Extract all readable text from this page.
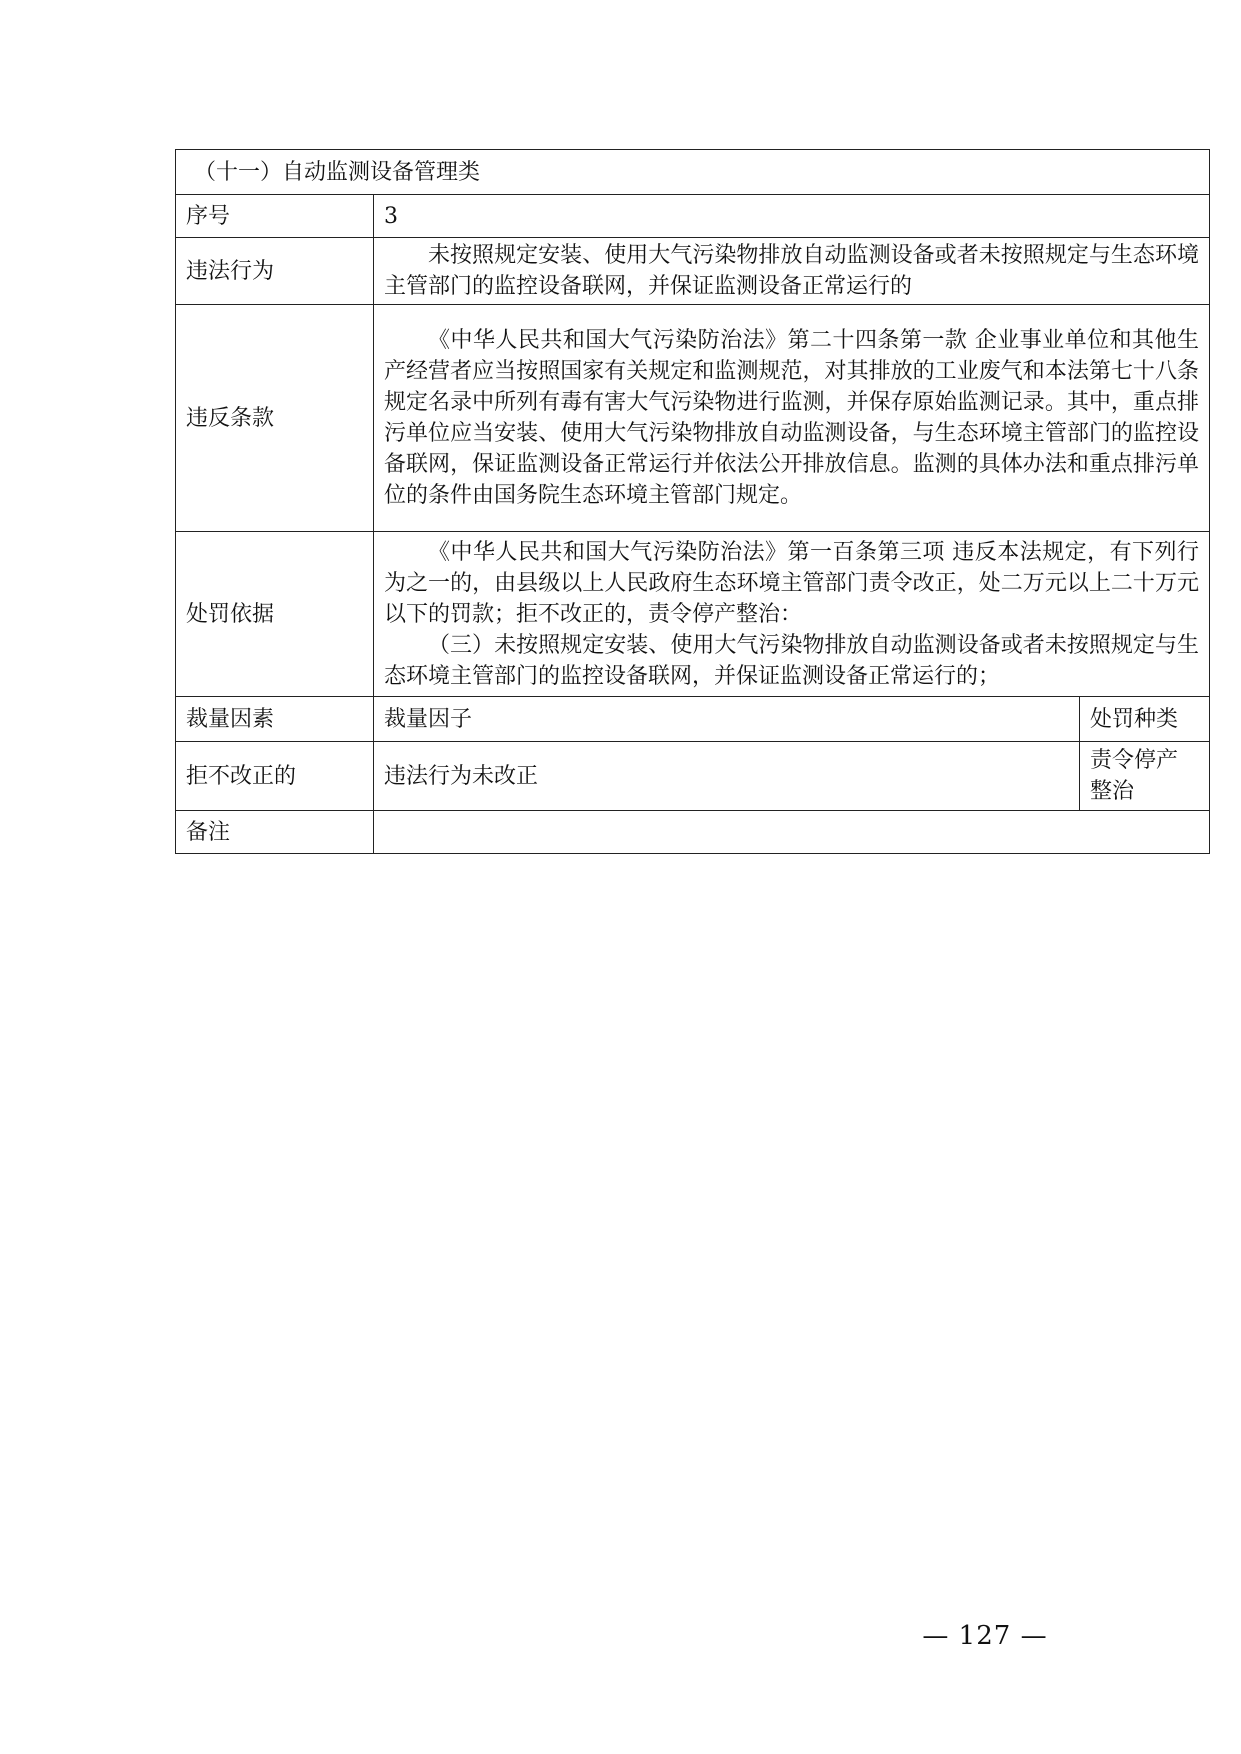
（十一）自动监测设备管理类		
序号	3	
违法行为	未按照规定安装、使用大气污染物排放自动监测设备或者未按照规定与生态环境主管部门的监控设备联网，并保证监测设备正常运行的	

违反条款	《中华人民共和国大气污染防治法》第二十四条第一款 企业事业单位和其他生产经营者应当按照国家有关规定和监测规范，对其排放的工业废气和本法第七十八条规定名录中所列有毒有害大气污染物进行监测，并保存原始监测记录。其中，重点排污单位应当安装、使用大气污染物排放自动监测设备，与生态环境主管部门的监控设备联网，保证监测设备正常运行并依法公开排放信息。监测的具体办法和重点排污单位的条件由国务院生态环境主管部门规定。	

处罚依据	《中华人民共和国大气污染防治法》第一百条第三项 违反本法规定，有下列行为之一的，由县级以上人民政府生态环境主管部门责令改正，处二万元以上二十万元以下的罚款；拒不改正的，责令停产整治：

（三）未按照规定安装、使用大气污染物排放自动监测设备或者未按照规定与生态环境主管部门的监控设备联网，并保证监测设备正常运行的；	

裁量因素	裁量因子	处罚种类
拒不改正的	违法行为未改正	责令停产整治
备注		
— 127 —
